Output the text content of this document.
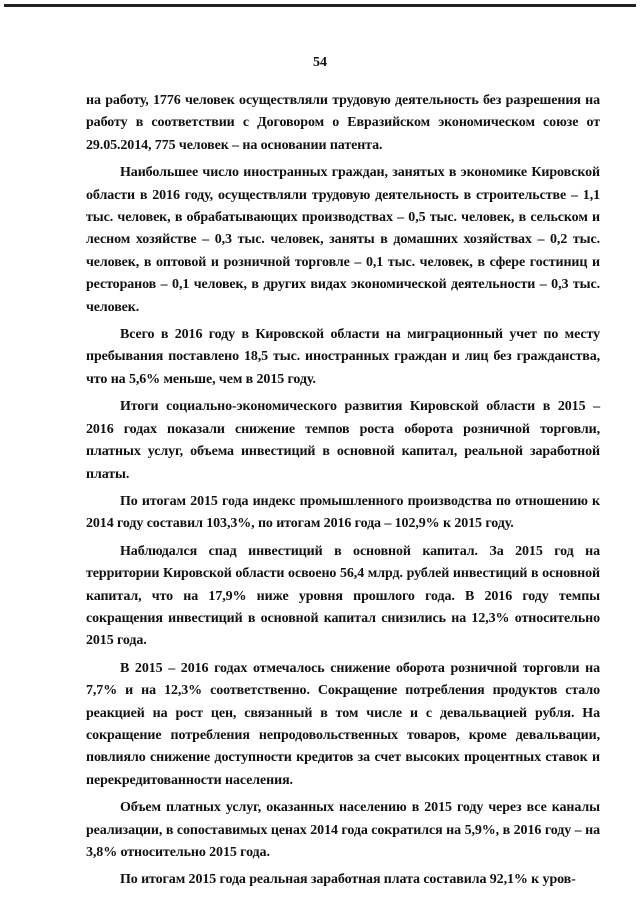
54

на работу, 1776 человек осуществляли трудовую деятельность без разрешения на работу в соответствии с Договором о Евразийском экономическом союзе от 29.05.2014, 775 человек – на основании патента.

Наибольшее число иностранных граждан, занятых в экономике Кировской области в 2016 году, осуществляли трудовую деятельность в строительстве – 1,1 тыс. человек, в обрабатывающих производствах – 0,5 тыс. человек, в сельском и лесном хозяйстве – 0,3 тыс. человек, заняты в домашних хозяйствах – 0,2 тыс. человек, в оптовой и розничной торговле – 0,1 тыс. человек, в сфере гостиниц и ресторанов – 0,1 человек, в других видах экономической деятельности – 0,3 тыс. человек.

Всего в 2016 году в Кировской области на миграционный учет по месту пребывания поставлено 18,5 тыс. иностранных граждан и лиц без гражданства, что на 5,6% меньше, чем в 2015 году.

Итоги социально-экономического развития Кировской области в 2015 – 2016 годах показали снижение темпов роста оборота розничной торговли, платных услуг, объема инвестиций в основной капитал, реальной заработной платы.

По итогам 2015 года индекс промышленного производства по отношению к 2014 году составил 103,3%, по итогам 2016 года – 102,9% к 2015 году.

Наблюдался спад инвестиций в основной капитал. За 2015 год на территории Кировской области освоено 56,4 млрд. рублей инвестиций в основной капитал, что на 17,9% ниже уровня прошлого года. В 2016 году темпы сокращения инвестиций в основной капитал снизились на 12,3% относительно 2015 года.

В 2015 – 2016 годах отмечалось снижение оборота розничной торговли на 7,7% и на 12,3% соответственно. Сокращение потребления продуктов стало реакцией на рост цен, связанный в том числе и с девальвацией рубля. На сокращение потребления непродовольственных товаров, кроме девальвации, повлияло снижение доступности кредитов за счет высоких процентных ставок и перекредитованности населения.

Объем платных услуг, оказанных населению в 2015 году через все каналы реализации, в сопоставимых ценах 2014 года сократился на 5,9%, в 2016 году – на 3,8% относительно 2015 года.

По итогам 2015 года реальная заработная плата составила 92,1% к уров-
